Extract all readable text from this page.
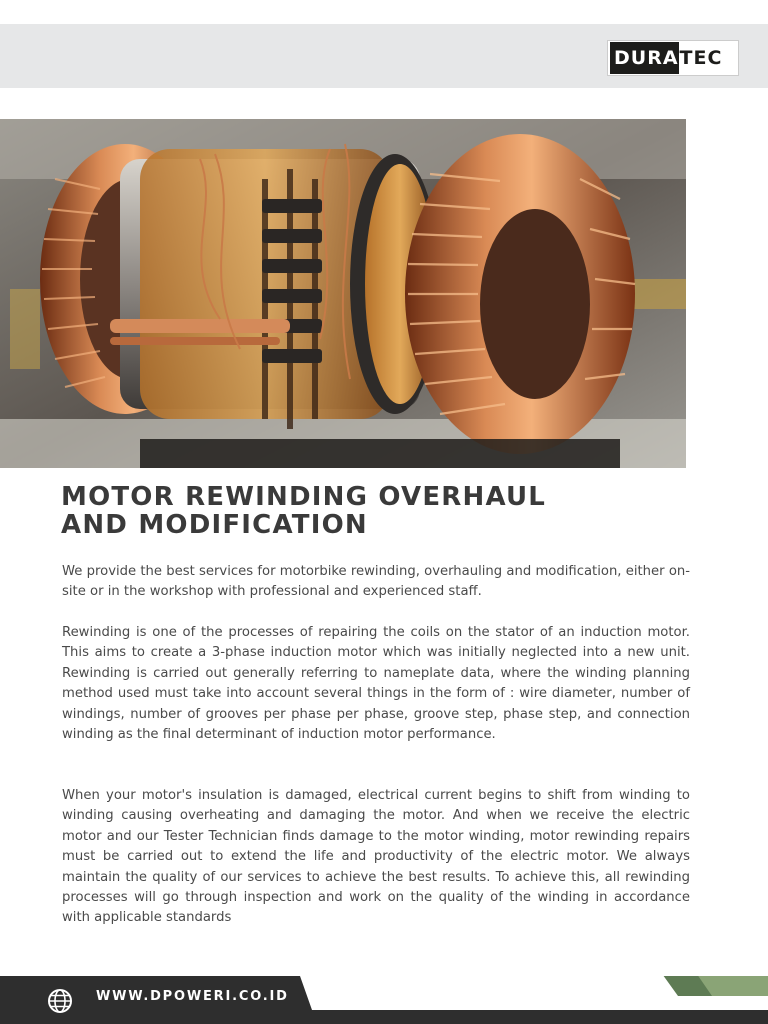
DURA TEC
MOTOR REWINDING OVERHAUL
AND MODIFICATION

We provide the best services for motorbike rewinding, overhauling and modification, either on-site or in the workshop with professional and experienced staff.

Rewinding is one of the processes of repairing the coils on the stator of an induction motor. This aims to create a 3-phase induction motor which was initially neglected into a new unit. Rewinding is carried out generally referring to nameplate data, where the winding planning method used must take into account several things in the form of : wire diameter, number of windings, number of grooves per phase per phase, groove step, phase step, and connection winding as the final determinant of induction motor performance.

When your motor's insulation is damaged, electrical current begins to shift from winding to winding causing overheating and damaging the motor. And when we receive the electric motor and our Tester Technician finds damage to the motor winding, motor rewinding repairs must be carried out to extend the life and productivity of the electric motor. We always maintain the quality of our services to achieve the best results. To achieve this, all rewinding processes will go through inspection and work on the quality of the winding in accordance with applicable standards

WWW.DPOWERI.CO.ID
